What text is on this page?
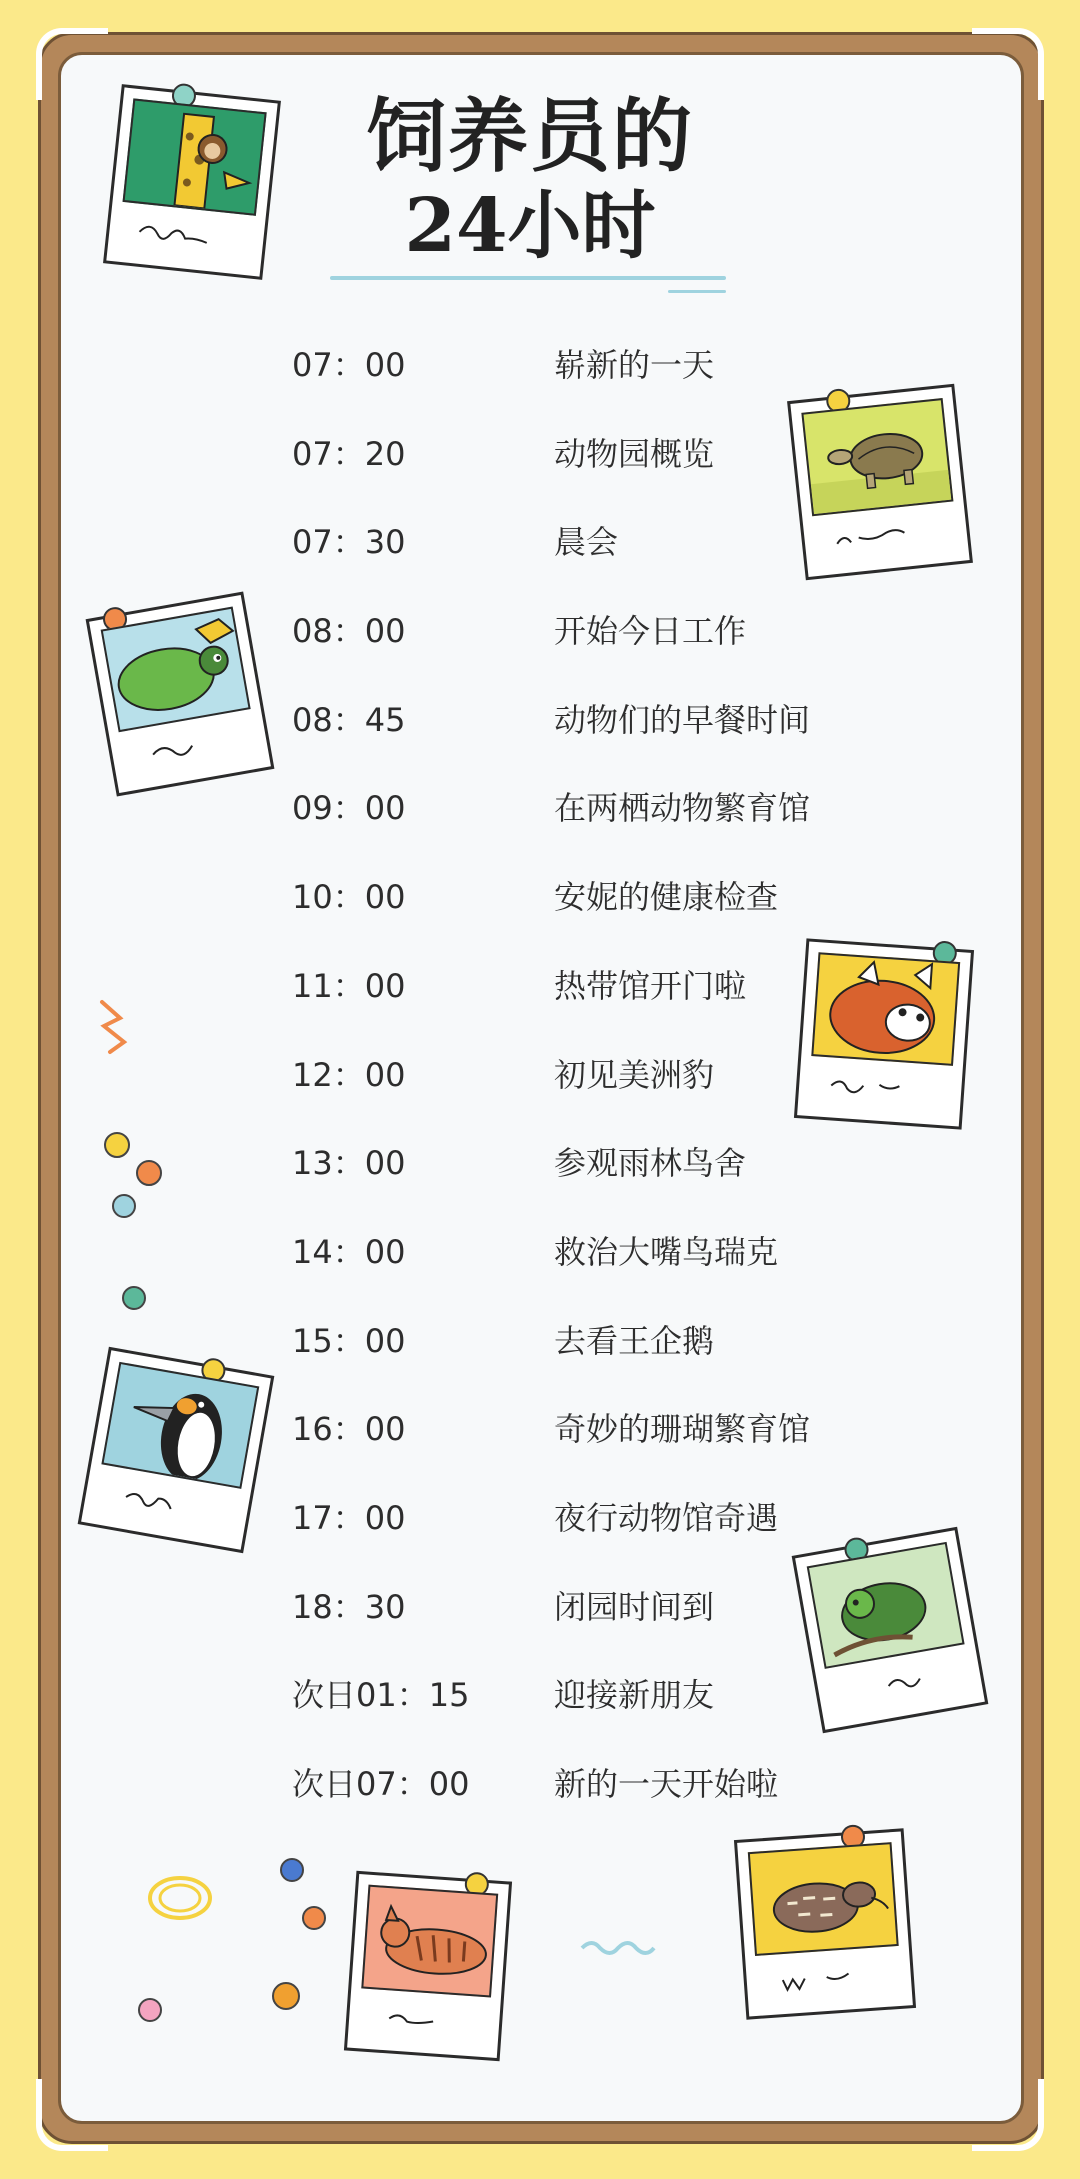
饲养员的
24小时
07：00	崭新的一天
07：20	动物园概览
07：30	晨会
08：00	开始今日工作
08：45	动物们的早餐时间
09：00	在两栖动物繁育馆
10：00	安妮的健康检查
11：00	热带馆开门啦
12：00	初见美洲豹
13：00	参观雨林鸟舍
14：00	救治大嘴鸟瑞克
15：00	去看王企鹅
16：00	奇妙的珊瑚繁育馆
17：00	夜行动物馆奇遇
18：30	闭园时间到
次日01：15	迎接新朋友
次日07：00	新的一天开始啦
